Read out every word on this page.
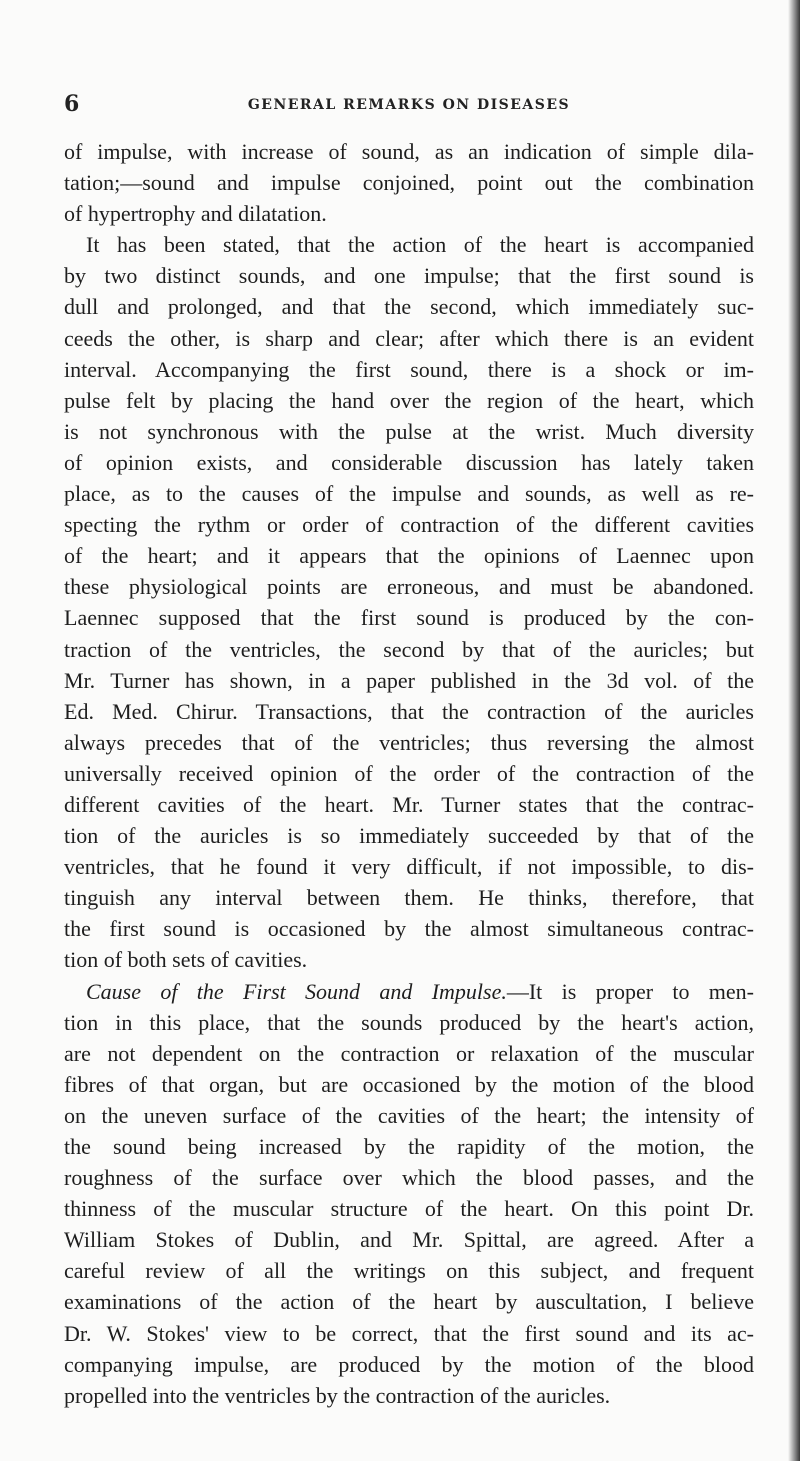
6	GENERAL REMARKS ON DISEASES
of impulse, with increase of sound, as an indication of simple dila-
tation;—sound and impulse conjoined, point out the combination
of hypertrophy and dilatation.
It has been stated, that the action of the heart is accompanied
by two distinct sounds, and one impulse; that the first sound is
dull and prolonged, and that the second, which immediately suc-
ceeds the other, is sharp and clear; after which there is an evident
interval. Accompanying the first sound, there is a shock or im-
pulse felt by placing the hand over the region of the heart, which
is not synchronous with the pulse at the wrist. Much diversity
of opinion exists, and considerable discussion has lately taken
place, as to the causes of the impulse and sounds, as well as re-
specting the rythm or order of contraction of the different cavities
of the heart; and it appears that the opinions of Laennec upon
these physiological points are erroneous, and must be abandoned.
Laennec supposed that the first sound is produced by the con-
traction of the ventricles, the second by that of the auricles; but
Mr. Turner has shown, in a paper published in the 3d vol. of the
Ed. Med. Chirur. Transactions, that the contraction of the auricles
always precedes that of the ventricles; thus reversing the almost
universally received opinion of the order of the contraction of the
different cavities of the heart. Mr. Turner states that the contrac-
tion of the auricles is so immediately succeeded by that of the
ventricles, that he found it very difficult, if not impossible, to dis-
tinguish any interval between them. He thinks, therefore, that
the first sound is occasioned by the almost simultaneous contrac-
tion of both sets of cavities.
Cause of the First Sound and Impulse.—It is proper to men-
tion in this place, that the sounds produced by the heart's action,
are not dependent on the contraction or relaxation of the muscular
fibres of that organ, but are occasioned by the motion of the blood
on the uneven surface of the cavities of the heart; the intensity of
the sound being increased by the rapidity of the motion, the
roughness of the surface over which the blood passes, and the
thinness of the muscular structure of the heart. On this point Dr.
William Stokes of Dublin, and Mr. Spittal, are agreed. After a
careful review of all the writings on this subject, and frequent
examinations of the action of the heart by auscultation, I believe
Dr. W. Stokes' view to be correct, that the first sound and its ac-
companying impulse, are produced by the motion of the blood
propelled into the ventricles by the contraction of the auricles.
